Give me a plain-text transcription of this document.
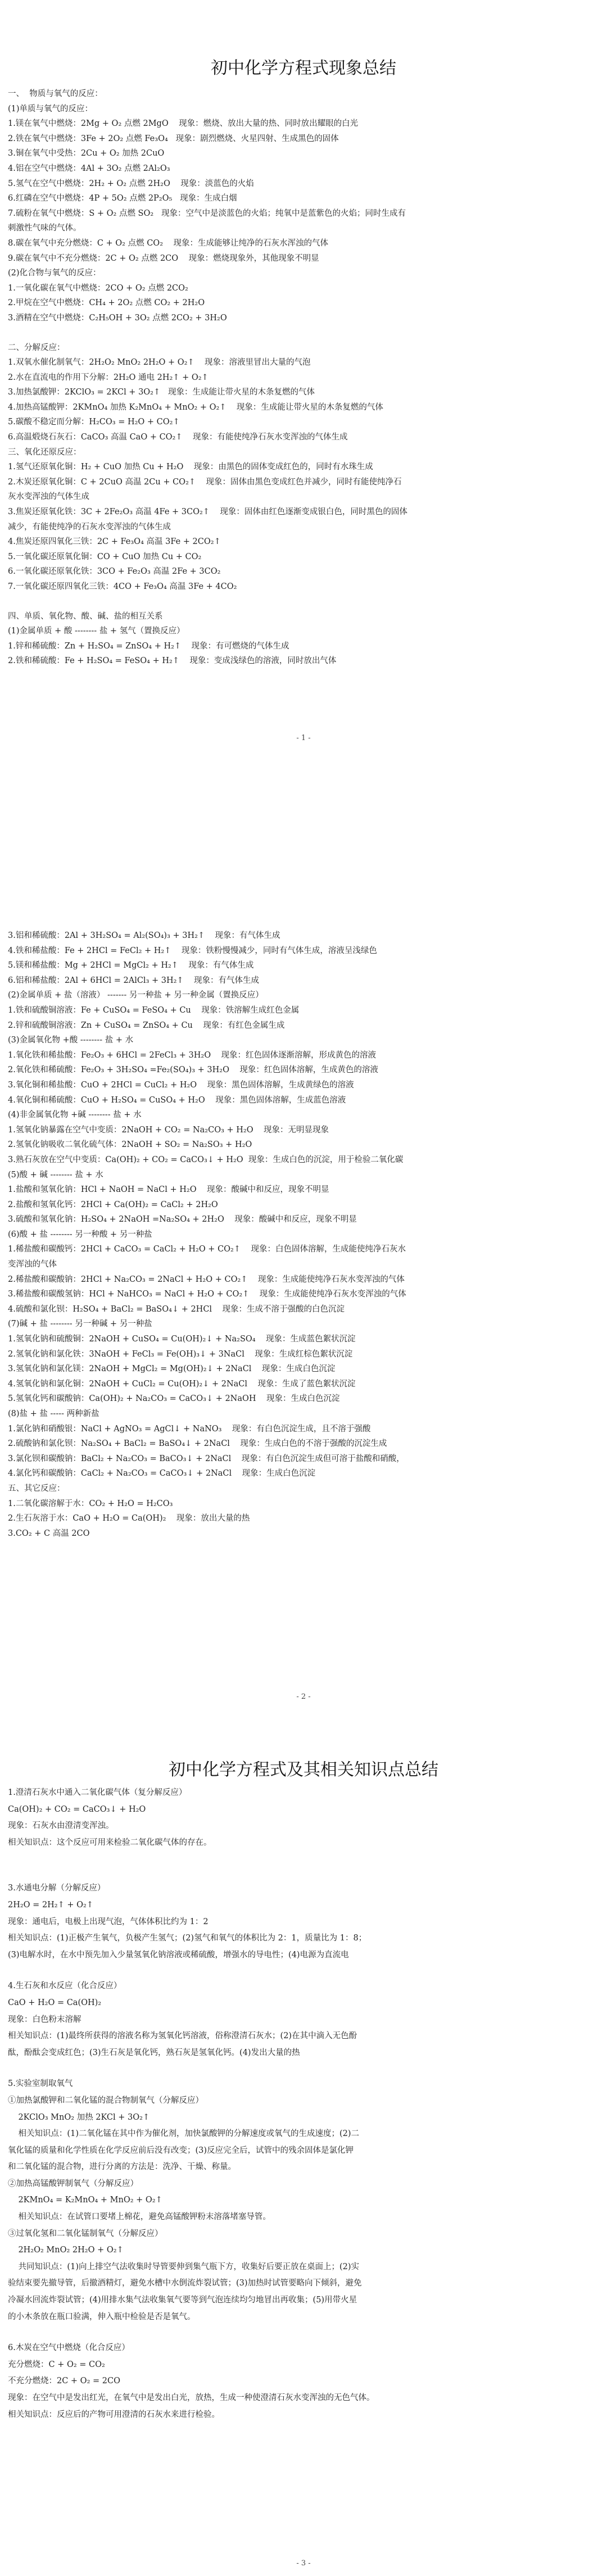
初中化学方程式现象总结

一、  物质与氧气的反应：

(1)单质与氧气的反应：

1.镁在氧气中燃烧：2Mg + O₂ 点燃 2MgO    现象：燃烧、放出大量的热、同时放出耀眼的白光

2.铁在氧气中燃烧：3Fe + 2O₂ 点燃 Fe₃O₄   现象：剧烈燃烧、火星四射、生成黑色的固体

3.铜在氧气中受热：2Cu + O₂ 加热 2CuO

4.铝在空气中燃烧：4Al + 3O₂ 点燃 2Al₂O₃

5.氢气在空气中燃烧：2H₂ + O₂ 点燃 2H₂O    现象：淡蓝色的火焰

6.红磷在空气中燃烧：4P + 5O₂ 点燃 2P₂O₅   现象：生成白烟

7.硫粉在氧气中燃烧：S + O₂ 点燃 SO₂   现象：空气中是淡蓝色的火焰；纯氧中是蓝紫色的火焰；同时生成有

刺激性气味的气体。

8.碳在氧气中充分燃烧：C + O₂ 点燃 CO₂    现象：生成能够让纯净的石灰水浑浊的气体

9.碳在氧气中不充分燃烧：2C + O₂ 点燃 2CO    现象：燃烧现象外，其他现象不明显

(2)化合物与氧气的反应：

1.一氧化碳在氧气中燃烧：2CO + O₂ 点燃 2CO₂

2.甲烷在空气中燃烧：CH₄ + 2O₂ 点燃 CO₂ + 2H₂O

3.酒精在空气中燃烧：C₂H₅OH + 3O₂ 点燃 2CO₂ + 3H₂O

二、分解反应：

1.双氧水催化制氧气：2H₂O₂ MnO₂ 2H₂O + O₂↑    现象：溶液里冒出大量的气泡

2.水在直流电的作用下分解：2H₂O 通电 2H₂↑ + O₂↑

3.加热氯酸钾：2KClO₃ = 2KCl + 3O₂↑   现象：生成能让带火星的木条复燃的气体

4.加热高锰酸钾：2KMnO₄ 加热 K₂MnO₄ + MnO₂ + O₂↑    现象：生成能让带火星的木条复燃的气体

5.碳酸不稳定而分解：H₂CO₃ = H₂O + CO₂↑

6.高温煅烧石灰石：CaCO₃ 高温 CaO + CO₂↑    现象：有能使纯净石灰水变浑浊的气体生成

三、氧化还原反应：

1.氢气还原氧化铜：H₂ + CuO 加热 Cu + H₂O    现象：由黑色的固体变成红色的，同时有水珠生成

2.木炭还原氧化铜：C + 2CuO 高温 2Cu + CO₂↑    现象：固体由黑色变成红色并减少，同时有能使纯净石

灰水变浑浊的气体生成

3.焦炭还原氧化铁：3C + 2Fe₂O₃ 高温 4Fe + 3CO₂↑    现象：固体由红色逐渐变成银白色，同时黑色的固体

减少，有能使纯净的石灰水变浑浊的气体生成

4.焦炭还原四氧化三铁：2C + Fe₃O₄ 高温 3Fe + 2CO₂↑

5.一氧化碳还原氧化铜：CO + CuO 加热 Cu + CO₂

6.一氧化碳还原氧化铁：3CO + Fe₂O₃ 高温 2Fe + 3CO₂

7.一氧化碳还原四氧化三铁：4CO + Fe₃O₄ 高温 3Fe + 4CO₂

四、单质、氧化物、酸、碱、盐的相互关系

(1)金属单质 + 酸 -------- 盐 + 氢气（置换反应）

1.锌和稀硫酸：Zn + H₂SO₄ = ZnSO₄ + H₂↑    现象：有可燃烧的气体生成

2.铁和稀硫酸：Fe + H₂SO₄ = FeSO₄ + H₂↑    现象：变成浅绿色的溶液，同时放出气体

- 1 -

3.铝和稀硫酸：2Al + 3H₂SO₄ = Al₂(SO₄)₃ + 3H₂↑    现象：有气体生成

4.铁和稀盐酸：Fe + 2HCl = FeCl₂ + H₂↑    现象：铁粉慢慢减少，同时有气体生成，溶液呈浅绿色

5.镁和稀盐酸：Mg + 2HCl = MgCl₂ + H₂↑    现象：有气体生成

6.铝和稀盐酸：2Al + 6HCl = 2AlCl₃ + 3H₂↑    现象：有气体生成

(2)金属单质 + 盐（溶液） ------- 另一种盐 + 另一种金属（置换反应）

1.铁和硫酸铜溶液：Fe + CuSO₄ = FeSO₄ + Cu    现象：铁溶解生成红色金属

2.锌和硫酸铜溶液：Zn + CuSO₄ = ZnSO₄ + Cu    现象：有红色金属生成

(3)金属氧化物 +酸 -------- 盐 + 水

1.氧化铁和稀盐酸：Fe₂O₃ + 6HCl = 2FeCl₃ + 3H₂O    现象：红色固体逐渐溶解，形成黄色的溶液

2.氧化铁和稀硫酸：Fe₂O₃ + 3H₂SO₄ =Fe₂(SO₄)₃ + 3H₂O    现象：红色固体溶解，生成黄色的溶液

3.氧化铜和稀盐酸：CuO + 2HCl = CuCl₂ + H₂O    现象：黑色固体溶解，生成黄绿色的溶液

4.氧化铜和稀硫酸：CuO + H₂SO₄ = CuSO₄ + H₂O    现象：黑色固体溶解，生成蓝色溶液

(4)非金属氧化物 +碱 -------- 盐 + 水

1.氢氧化钠暴露在空气中变质：2NaOH + CO₂ = Na₂CO₃ + H₂O    现象：无明显现象

2.氢氧化钠吸收二氧化硫气体：2NaOH + SO₂ = Na₂SO₃ + H₂O

3.熟石灰放在空气中变质：Ca(OH)₂ + CO₂ = CaCO₃↓ + H₂O  现象：生成白色的沉淀，用于检验二氧化碳

(5)酸 + 碱 -------- 盐 + 水

1.盐酸和氢氧化钠：HCl + NaOH = NaCl + H₂O    现象：酸碱中和反应，现象不明显

2.盐酸和氢氧化钙：2HCl + Ca(OH)₂ = CaCl₂ + 2H₂O

3.硫酸和氢氧化钠：H₂SO₄ + 2NaOH =Na₂SO₄ + 2H₂O    现象：酸碱中和反应，现象不明显

(6)酸 + 盐 -------- 另一种酸 + 另一种盐

1.稀盐酸和碳酸钙：2HCl + CaCO₃ = CaCl₂ + H₂O + CO₂↑    现象：白色固体溶解，生成能使纯净石灰水

变浑浊的气体

2.稀盐酸和碳酸钠：2HCl + Na₂CO₃ = 2NaCl + H₂O + CO₂↑    现象：生成能使纯净石灰水变浑浊的气体

3.稀盐酸和碳酸氢钠：HCl + NaHCO₃ = NaCl + H₂O + CO₂↑    现象：生成能使纯净石灰水变浑浊的气体

4.硫酸和氯化钡：H₂SO₄ + BaCl₂ = BaSO₄↓ + 2HCl    现象：生成不溶于强酸的白色沉淀

(7)碱 + 盐 -------- 另一种碱 + 另一种盐

1.氢氧化钠和硫酸铜：2NaOH + CuSO₄ = Cu(OH)₂↓ + Na₂SO₄    现象：生成蓝色絮状沉淀

2.氢氧化钠和氯化铁：3NaOH + FeCl₃ = Fe(OH)₃↓ + 3NaCl    现象：生成红棕色絮状沉淀

3.氢氧化钠和氯化镁：2NaOH + MgCl₂ = Mg(OH)₂↓ + 2NaCl    现象：生成白色沉淀

4.氢氧化钠和氯化铜：2NaOH + CuCl₂ = Cu(OH)₂↓ + 2NaCl    现象：生成了蓝色絮状沉淀

5.氢氧化钙和碳酸钠：Ca(OH)₂ + Na₂CO₃ = CaCO₃↓ + 2NaOH    现象：生成白色沉淀

(8)盐 + 盐 ----- 两种新盐

1.氯化钠和硝酸银：NaCl + AgNO₃ = AgCl↓ + NaNO₃    现象：有白色沉淀生成，且不溶于强酸

2.硫酸钠和氯化钡：Na₂SO₄ + BaCl₂ = BaSO₄↓ + 2NaCl    现象：生成白色的不溶于强酸的沉淀生成

3.氯化钡和碳酸钠：BaCl₂ + Na₂CO₃ = BaCO₃↓ + 2NaCl    现象：有白色沉淀生成但可溶于盐酸和硝酸，

4.氯化钙和碳酸钠：CaCl₂ + Na₂CO₃ = CaCO₃↓ + 2NaCl    现象：生成白色沉淀

五、其它反应：

1.二氧化碳溶解于水：CO₂ + H₂O = H₂CO₃

2.生石灰溶于水：CaO + H₂O = Ca(OH)₂    现象：放出大量的热

3.CO₂ + C 高温 2CO

- 2 -
初中化学方程式及其相关知识点总结

1.澄清石灰水中通入二氧化碳气体（复分解反应）

Ca(OH)₂ + CO₂ = CaCO₃↓ + H₂O

现象：石灰水由澄清变浑浊。

相关知识点：这个反应可用来检验二氧化碳气体的存在。

3.水通电分解（分解反应）

2H₂O = 2H₂↑ + O₂↑

现象：通电后，电极上出现气泡，气体体积比约为 1：2

相关知识点：(1)正极产生氧气，负极产生氢气；(2)氢气和氧气的体积比为 2：1，质量比为 1：8；

(3)电解水时，在水中预先加入少量氢氧化钠溶液或稀硫酸，增强水的导电性；(4)电源为直流电

4.生石灰和水反应（化合反应）

CaO + H₂O = Ca(OH)₂

现象：白色粉末溶解

相关知识点：(1)最终所获得的溶液名称为氢氧化钙溶液，俗称澄清石灰水；(2)在其中滴入无色酚

酞，酚酞会变成红色；(3)生石灰是氧化钙，熟石灰是氢氧化钙。(4)发出大量的热

5.实验室制取氧气

①加热氯酸钾和二氧化锰的混合物制氧气（分解反应）

2KClO₃ MnO₂ 加热 2KCl + 3O₂↑

相关知识点：(1)二氧化锰在其中作为催化剂，加快氯酸钾的分解速度或氧气的生成速度；(2)二

氧化锰的质量和化学性质在化学反应前后没有改变；(3)反应完全后，试管中的残余固体是氯化钾

和二氧化锰的混合物，进行分离的方法是：洗净、干燥、称量。

②加热高锰酸钾制氧气（分解反应）

2KMnO₄ = K₂MnO₄ + MnO₂ + O₂↑

相关知识点：在试管口要堵上棉花，避免高锰酸钾粉末溶落堵塞导管。

③过氧化氢和二氧化锰制氧气（分解反应）

2H₂O₂ MnO₂ 2H₂O + O₂↑

共同知识点：(1)向上排空气法收集时导管要伸到集气瓶下方，收集好后要正放在桌面上；(2)实

验结束要先撤导管，后撤酒精灯，避免水槽中水倒流炸裂试管；(3)加热时试管要略向下倾斜，避免

冷凝水回流炸裂试管；(4)用排水集气法收集氧气要等到气泡连续均匀地冒出再收集；(5)用带火星

的小木条放在瓶口验满，伸入瓶中检验是否是氧气。

6.木炭在空气中燃烧（化合反应）

充分燃烧：C + O₂ = CO₂

不充分燃烧：2C + O₂ = 2CO

现象：在空气中是发出红光，在氧气中是发出白光，放热，生成一种使澄清石灰水变浑浊的无色气体。

相关知识点：反应后的产物可用澄清的石灰水来进行检验。

- 3 -
